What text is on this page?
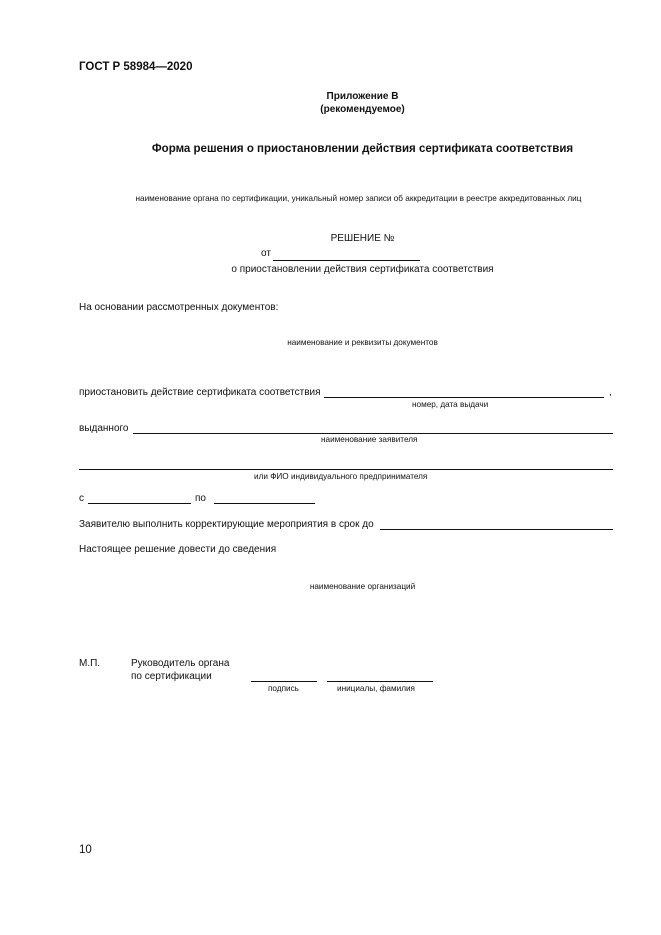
ГОСТ Р 58984—2020
Приложение В
(рекомендуемое)
Форма решения о приостановлении действия сертификата соответствия
наименование органа по сертификации, уникальный номер записи об аккредитации в реестре аккредитованных лиц
РЕШЕНИЕ №
от
о приостановлении действия сертификата соответствия
На основании рассмотренных документов:
наименование и реквизиты документов
приостановить действие сертификата соответствия	,
номер, дата выдачи
выданного
наименование заявителя
или ФИО индивидуального предпринимателя
с	по
Заявителю выполнить корректирующие мероприятия в срок до
Настоящее решение довести до сведения
наименование организаций
М.П.	Руководитель органа
по сертификации
подпись	инициалы, фамилия
10
